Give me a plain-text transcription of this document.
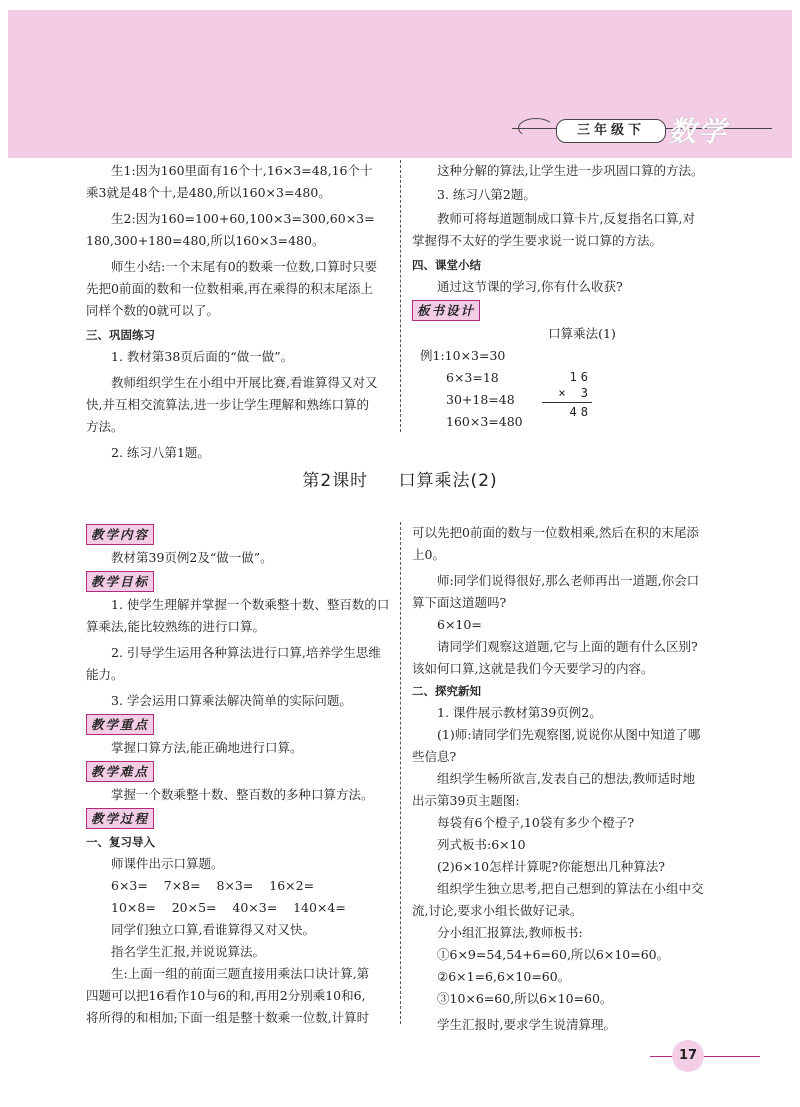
三年级下 数学

生1:因为160里面有16个十,16×3=48,16个十

乘3就是48个十,是480,所以160×3=480。

生2:因为160=100+60,100×3=300,60×3=

180,300+180=480,所以160×3=480。

师生小结:一个末尾有0的数乘一位数,口算时只要

先把0前面的数和一位数相乘,再在乘得的积末尾添上

同样个数的0就可以了。

三、巩固练习

1. 教材第38页后面的“做一做”。

教师组织学生在小组中开展比赛,看谁算得又对又

快,并互相交流算法,进一步让学生理解和熟练口算的

方法。

2. 练习八第1题。

这种分解的算法,让学生进一步巩固口算的方法。

3. 练习八第2题。

教师可将每道题制成口算卡片,反复指名口算,对

掌握得不太好的学生要求说一说口算的方法。

四、课堂小结

通过这节课的学习,你有什么收获?

板书设计

口算乘法(1)

例1:10×3=30

6×3=18

30+18=48

160×3=480

16
× 3
48
第2课时 口算乘法(2)
教学内容

教材第39页例2及“做一做”。

教学目标

1. 使学生理解并掌握一个数乘整十数、整百数的口

算乘法,能比较熟练的进行口算。

2. 引导学生运用各种算法进行口算,培养学生思维

能力。

3. 学会运用口算乘法解决简单的实际问题。

教学重点

掌握口算方法,能正确地进行口算。

教学难点

掌握一个数乘整十数、整百数的多种口算方法。

教学过程

一、复习导入

师课件出示口算题。

6×3=    7×8=    8×3=    16×2=

10×8=    20×5=    40×3=    140×4=

同学们独立口算,看谁算得又对又快。

指名学生汇报,并说说算法。

生:上面一组的前面三题直接用乘法口诀计算,第

四题可以把16看作10与6的和,再用2分别乘10和6,

将所得的和相加;下面一组是整十数乘一位数,计算时

可以先把0前面的数与一位数相乘,然后在积的末尾添

上0。

师:同学们说得很好,那么老师再出一道题,你会口

算下面这道题吗?

6×10=

请同学们观察这道题,它与上面的题有什么区别?

该如何口算,这就是我们今天要学习的内容。

二、探究新知

1. 课件展示教材第39页例2。

(1)师:请同学们先观察图,说说你从图中知道了哪

些信息?

组织学生畅所欲言,发表自己的想法,教师适时地

出示第39页主题图:

每袋有6个橙子,10袋有多少个橙子?

列式板书:6×10

(2)6×10怎样计算呢?你能想出几种算法?

组织学生独立思考,把自己想到的算法在小组中交

流,讨论,要求小组长做好记录。

分小组汇报算法,教师板书:

①6×9=54,54+6=60,所以6×10=60。

②6×1=6,6×10=60。

③10×6=60,所以6×10=60。

学生汇报时,要求学生说清算理。

17
